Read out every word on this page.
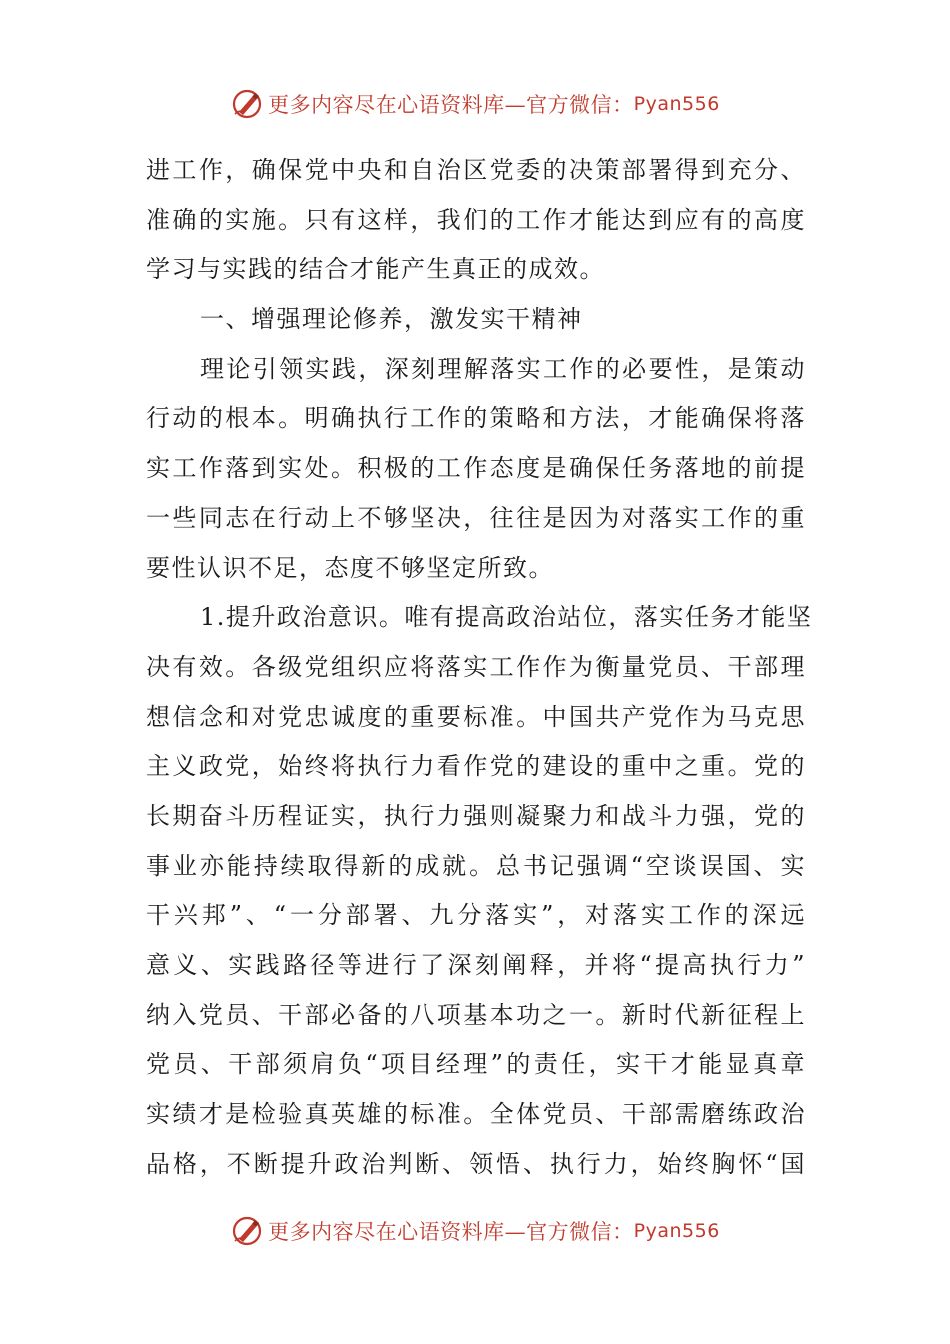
更多内容尽在心语资料库—官方微信： Pyan556
进工作，确保党中央和自治区党委的决策部署得到充分、
准确的实施。只有这样，我们的工作才能达到应有的高度
学习与实践的结合才能产生真正的成效。
一、增强理论修养，激发实干精神
理论引领实践，深刻理解落实工作的必要性，是策动
行动的根本。明确执行工作的策略和方法，才能确保将落
实工作落到实处。积极的工作态度是确保任务落地的前提
一些同志在行动上不够坚决，往往是因为对落实工作的重
要性认识不足，态度不够坚定所致。
1.提升政治意识。唯有提高政治站位，落实任务才能坚
决有效。各级党组织应将落实工作作为衡量党员、干部理
想信念和对党忠诚度的重要标准。中国共产党作为马克思
主义政党，始终将执行力看作党的建设的重中之重。党的
长期奋斗历程证实，执行力强则凝聚力和战斗力强，党的
事业亦能持续取得新的成就。总书记强调“空谈误国、实
干兴邦”、“一分部署、九分落实”，对落实工作的深远
意义、实践路径等进行了深刻阐释，并将“提高执行力”
纳入党员、干部必备的八项基本功之一。新时代新征程上
党员、干部须肩负“项目经理”的责任，实干才能显真章
实绩才是检验真英雄的标准。全体党员、干部需磨练政治
品格，不断提升政治判断、领悟、执行力，始终胸怀“国
更多内容尽在心语资料库—官方微信： Pyan556
